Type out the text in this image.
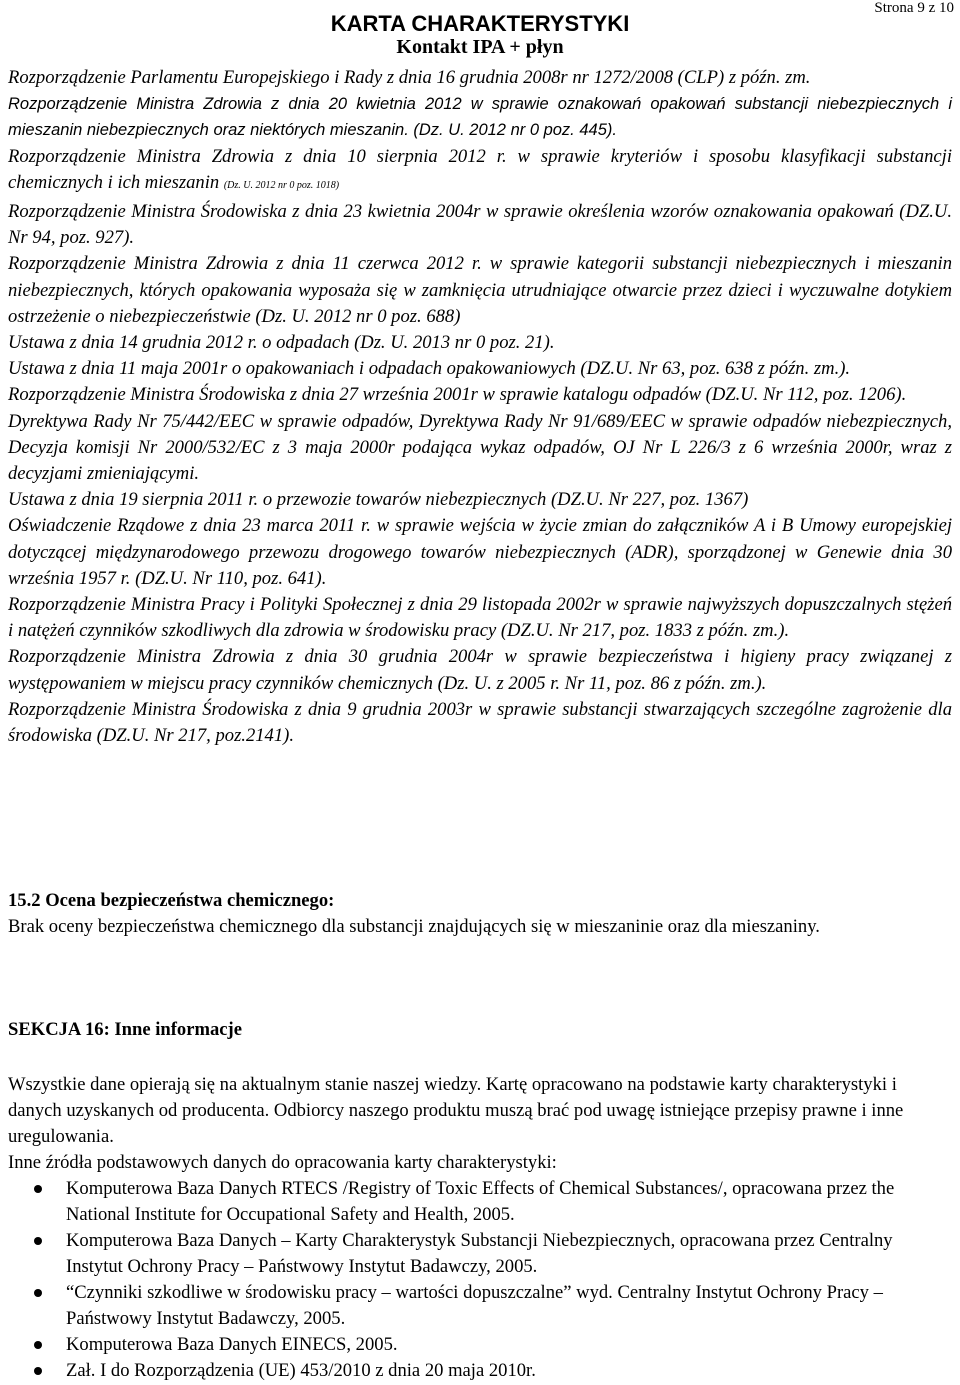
Strona 9 z 10
KARTA CHARAKTERYSTYKI
Kontakt IPA + płyn

Rozporządzenie Parlamentu Europejskiego i Rady z dnia 16 grudnia 2008r nr 1272/2008 (CLP) z późn. zm.

Rozporządzenie Ministra Zdrowia z dnia 20 kwietnia 2012 w sprawie oznakowań opakowań substancji niebezpiecznych i mieszanin niebezpiecznych oraz niektórych mieszanin. (Dz. U. 2012 nr 0 poz. 445).

Rozporządzenie Ministra Zdrowia z dnia 10 sierpnia 2012 r. w sprawie kryteriów i sposobu klasyfikacji substancji chemicznych i ich mieszanin (Dz. U. 2012 nr 0 poz. 1018)

Rozporządzenie Ministra Środowiska z dnia 23 kwietnia 2004r w sprawie określenia wzorów oznakowania opakowań (DZ.U. Nr 94, poz. 927).

Rozporządzenie Ministra Zdrowia z dnia 11 czerwca 2012 r. w sprawie kategorii substancji niebezpiecznych i mieszanin niebezpiecznych, których opakowania wyposaża się w zamknięcia utrudniające otwarcie przez dzieci i wyczuwalne dotykiem ostrzeżenie o niebezpieczeństwie (Dz. U. 2012 nr 0 poz. 688)

Ustawa z dnia 14 grudnia 2012 r. o odpadach (Dz. U. 2013 nr 0 poz. 21).

Ustawa z dnia 11 maja 2001r o opakowaniach i odpadach opakowaniowych (DZ.U. Nr 63, poz. 638 z późn. zm.).

Rozporządzenie Ministra Środowiska z dnia 27 września 2001r w sprawie katalogu odpadów (DZ.U. Nr 112, poz. 1206).

Dyrektywa Rady Nr 75/442/EEC w sprawie odpadów, Dyrektywa Rady Nr 91/689/EEC w sprawie odpadów niebezpiecznych, Decyzja komisji Nr 2000/532/EC z 3 maja 2000r podająca wykaz odpadów, OJ Nr L 226/3 z 6 września 2000r, wraz z decyzjami zmieniającymi.

Ustawa z dnia 19 sierpnia 2011 r. o przewozie towarów niebezpiecznych (DZ.U. Nr 227, poz. 1367)

Oświadczenie Rządowe z dnia 23 marca 2011 r. w sprawie wejścia w życie zmian do załączników A i B Umowy europejskiej dotyczącej międzynarodowego przewozu drogowego towarów niebezpiecznych (ADR), sporządzonej w Genewie dnia 30 września 1957 r. (DZ.U. Nr 110, poz. 641).

Rozporządzenie Ministra Pracy i Polityki Społecznej z dnia 29 listopada 2002r w sprawie najwyższych dopuszczalnych stężeń i natężeń czynników szkodliwych dla zdrowia w środowisku pracy (DZ.U. Nr 217, poz. 1833 z późn. zm.).

Rozporządzenie Ministra Zdrowia z dnia 30 grudnia 2004r w sprawie bezpieczeństwa i higieny pracy związanej z występowaniem w miejscu pracy czynników chemicznych (Dz. U. z 2005 r. Nr 11, poz. 86 z późn. zm.).

Rozporządzenie Ministra Środowiska z dnia 9 grudnia 2003r w sprawie substancji stwarzających szczególne zagrożenie dla środowiska (DZ.U. Nr 217, poz.2141).

15.2 Ocena bezpieczeństwa chemicznego:

Brak oceny bezpieczeństwa chemicznego dla substancji znajdujących się w mieszaninie oraz dla mieszaniny.

SEKCJA 16: Inne informacje

Wszystkie dane opierają się na aktualnym stanie naszej wiedzy. Kartę opracowano na podstawie karty charakterystyki i danych uzyskanych od producenta. Odbiorcy naszego produktu muszą brać pod uwagę istniejące przepisy prawne i inne uregulowania.

Inne źródła podstawowych danych do opracowania karty charakterystyki:

Komputerowa Baza Danych RTECS /Registry of Toxic Effects of Chemical Substances/, opracowana przez the National Institute for Occupational Safety and Health, 2005.
Komputerowa Baza Danych – Karty Charakterystyk Substancji Niebezpiecznych, opracowana przez Centralny Instytut Ochrony Pracy – Państwowy Instytut Badawczy, 2005.
“Czynniki szkodliwe w środowisku pracy – wartości dopuszczalne” wyd. Centralny Instytut Ochrony Pracy – Państwowy Instytut Badawczy, 2005.
Komputerowa Baza Danych EINECS, 2005.
Zał. I do Rozporządzenia (UE) 453/2010 z dnia 20 maja 2010r.
